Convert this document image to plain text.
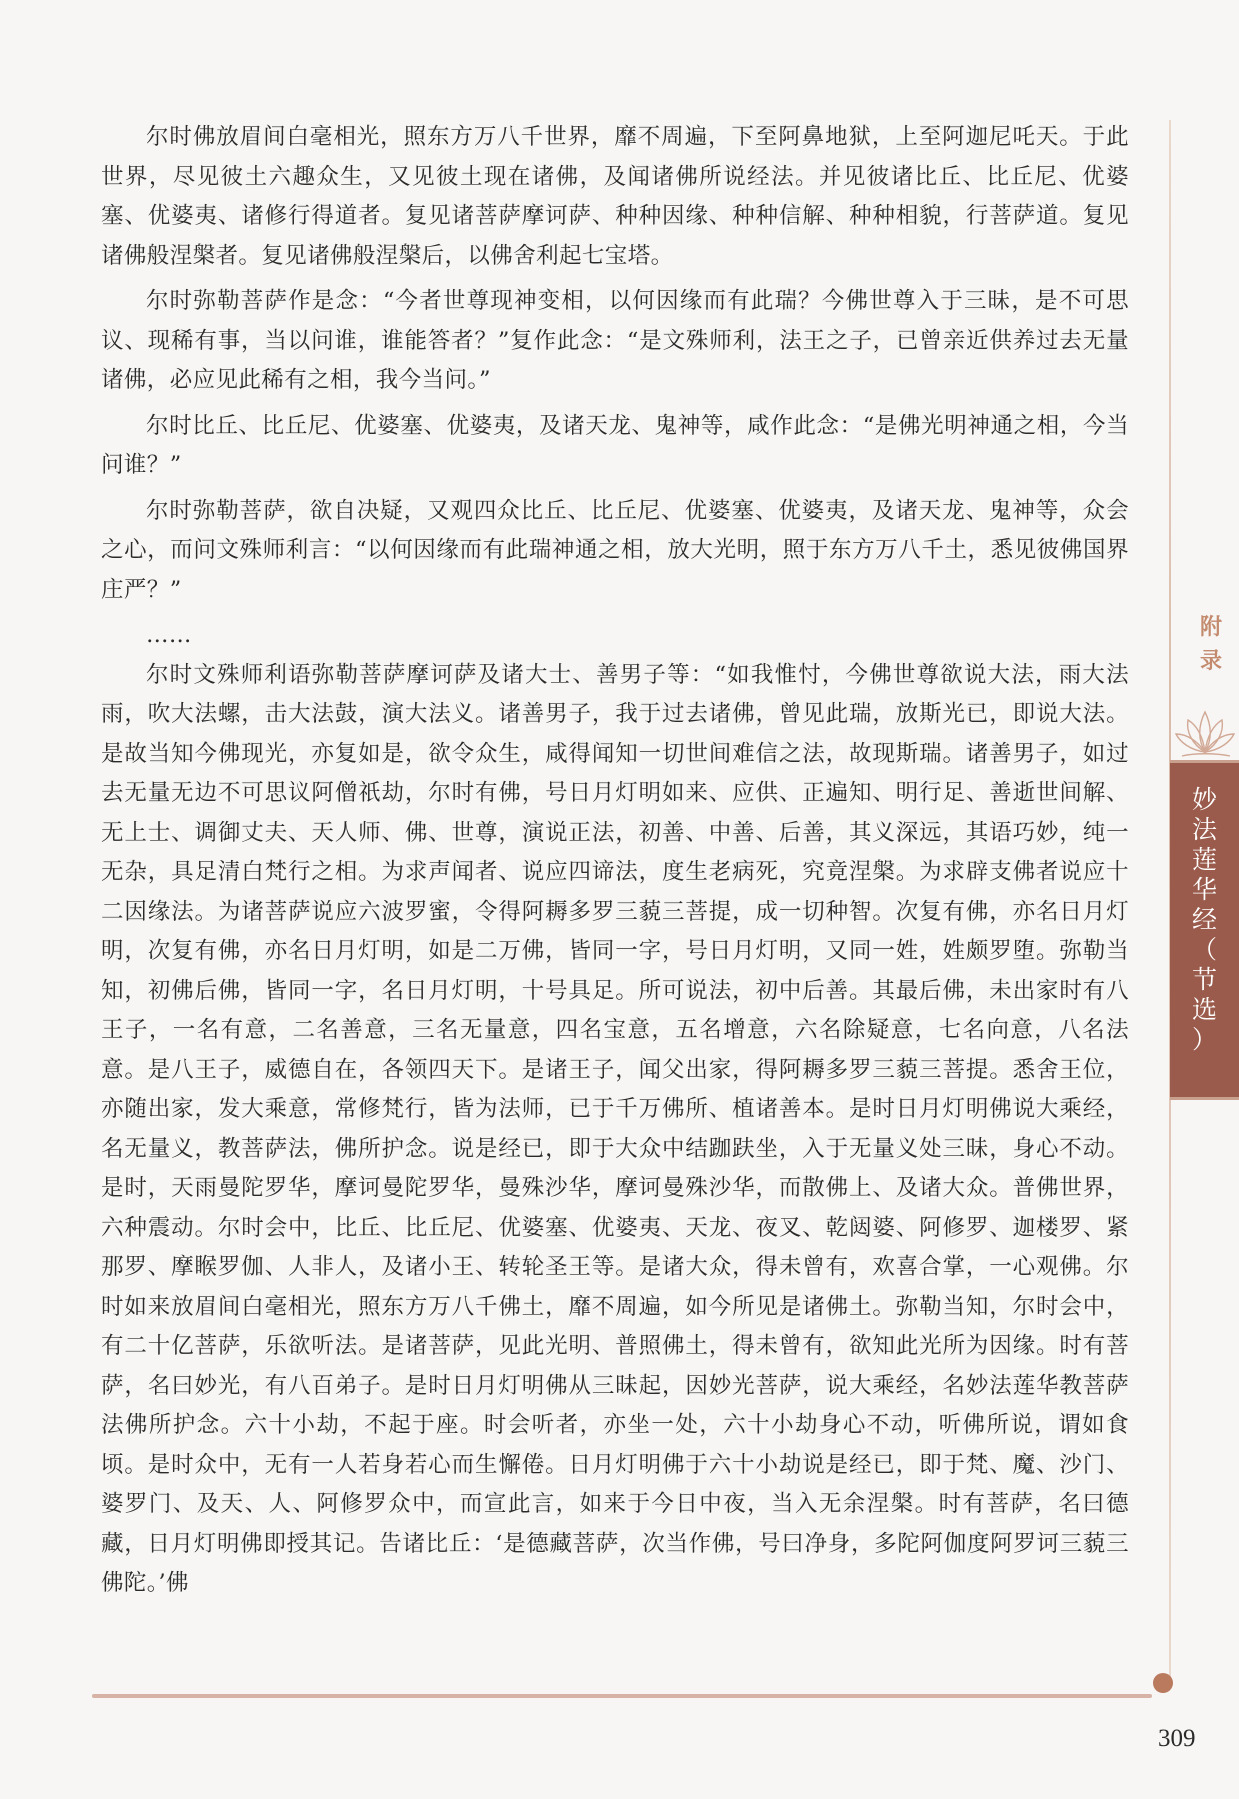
尔时佛放眉间白毫相光，照东方万八千世界，靡不周遍，下至阿鼻地狱，上至阿迦尼吒天。于此世界，尽见彼土六趣众生，又见彼土现在诸佛，及闻诸佛所说经法。并见彼诸比丘、比丘尼、优婆塞、优婆夷、诸修行得道者。复见诸菩萨摩诃萨、种种因缘、种种信解、种种相貌，行菩萨道。复见诸佛般涅槃者。复见诸佛般涅槃后，以佛舍利起七宝塔。

尔时弥勒菩萨作是念：“今者世尊现神变相，以何因缘而有此瑞？今佛世尊入于三昧，是不可思议、现稀有事，当以问谁，谁能答者？”复作此念：“是文殊师利，法王之子，已曾亲近供养过去无量诸佛，必应见此稀有之相，我今当问。”

尔时比丘、比丘尼、优婆塞、优婆夷，及诸天龙、鬼神等，咸作此念：“是佛光明神通之相，今当问谁？”

尔时弥勒菩萨，欲自决疑，又观四众比丘、比丘尼、优婆塞、优婆夷，及诸天龙、鬼神等，众会之心，而问文殊师利言：“以何因缘而有此瑞神通之相，放大光明，照于东方万八千土，悉见彼佛国界庄严？”

……

尔时文殊师利语弥勒菩萨摩诃萨及诸大士、善男子等：“如我惟忖，今佛世尊欲说大法，雨大法雨，吹大法螺，击大法鼓，演大法义。诸善男子，我于过去诸佛，曾见此瑞，放斯光已，即说大法。是故当知今佛现光，亦复如是，欲令众生，咸得闻知一切世间难信之法，故现斯瑞。诸善男子，如过去无量无边不可思议阿僧祇劫，尔时有佛，号日月灯明如来、应供、正遍知、明行足、善逝世间解、无上士、调御丈夫、天人师、佛、世尊，演说正法，初善、中善、后善，其义深远，其语巧妙，纯一无杂，具足清白梵行之相。为求声闻者、说应四谛法，度生老病死，究竟涅槃。为求辟支佛者说应十二因缘法。为诸菩萨说应六波罗蜜，令得阿耨多罗三藐三菩提，成一切种智。次复有佛，亦名日月灯明，次复有佛，亦名日月灯明，如是二万佛，皆同一字，号日月灯明，又同一姓，姓颇罗堕。弥勒当知，初佛后佛，皆同一字，名日月灯明，十号具足。所可说法，初中后善。其最后佛，未出家时有八王子，一名有意，二名善意，三名无量意，四名宝意，五名增意，六名除疑意，七名向意，八名法意。是八王子，威德自在，各领四天下。是诸王子，闻父出家，得阿耨多罗三藐三菩提。悉舍王位，亦随出家，发大乘意，常修梵行，皆为法师，已于千万佛所、植诸善本。是时日月灯明佛说大乘经，名无量义，教菩萨法，佛所护念。说是经已，即于大众中结跏趺坐，入于无量义处三昧，身心不动。是时，天雨曼陀罗华，摩诃曼陀罗华，曼殊沙华，摩诃曼殊沙华，而散佛上、及诸大众。普佛世界，六种震动。尔时会中，比丘、比丘尼、优婆塞、优婆夷、天龙、夜叉、乾闼婆、阿修罗、迦楼罗、紧那罗、摩睺罗伽、人非人，及诸小王、转轮圣王等。是诸大众，得未曾有，欢喜合掌，一心观佛。尔时如来放眉间白毫相光，照东方万八千佛土，靡不周遍，如今所见是诸佛土。弥勒当知，尔时会中，有二十亿菩萨，乐欲听法。是诸菩萨，见此光明、普照佛土，得未曾有，欲知此光所为因缘。时有菩萨，名曰妙光，有八百弟子。是时日月灯明佛从三昧起，因妙光菩萨，说大乘经，名妙法莲华教菩萨法佛所护念。六十小劫，不起于座。时会听者，亦坐一处，六十小劫身心不动，听佛所说，谓如食顷。是时众中，无有一人若身若心而生懈倦。日月灯明佛于六十小劫说是经已，即于梵、魔、沙门、婆罗门、及天、人、阿修罗众中，而宣此言，如来于今日中夜，当入无余涅槃。时有菩萨，名曰德藏，日月灯明佛即授其记。告诸比丘：‘是德藏菩萨，次当作佛，号曰净身，多陀阿伽度阿罗诃三藐三佛陀。’佛

附
录
妙
法
莲
华
经
（
节
选
）
309
